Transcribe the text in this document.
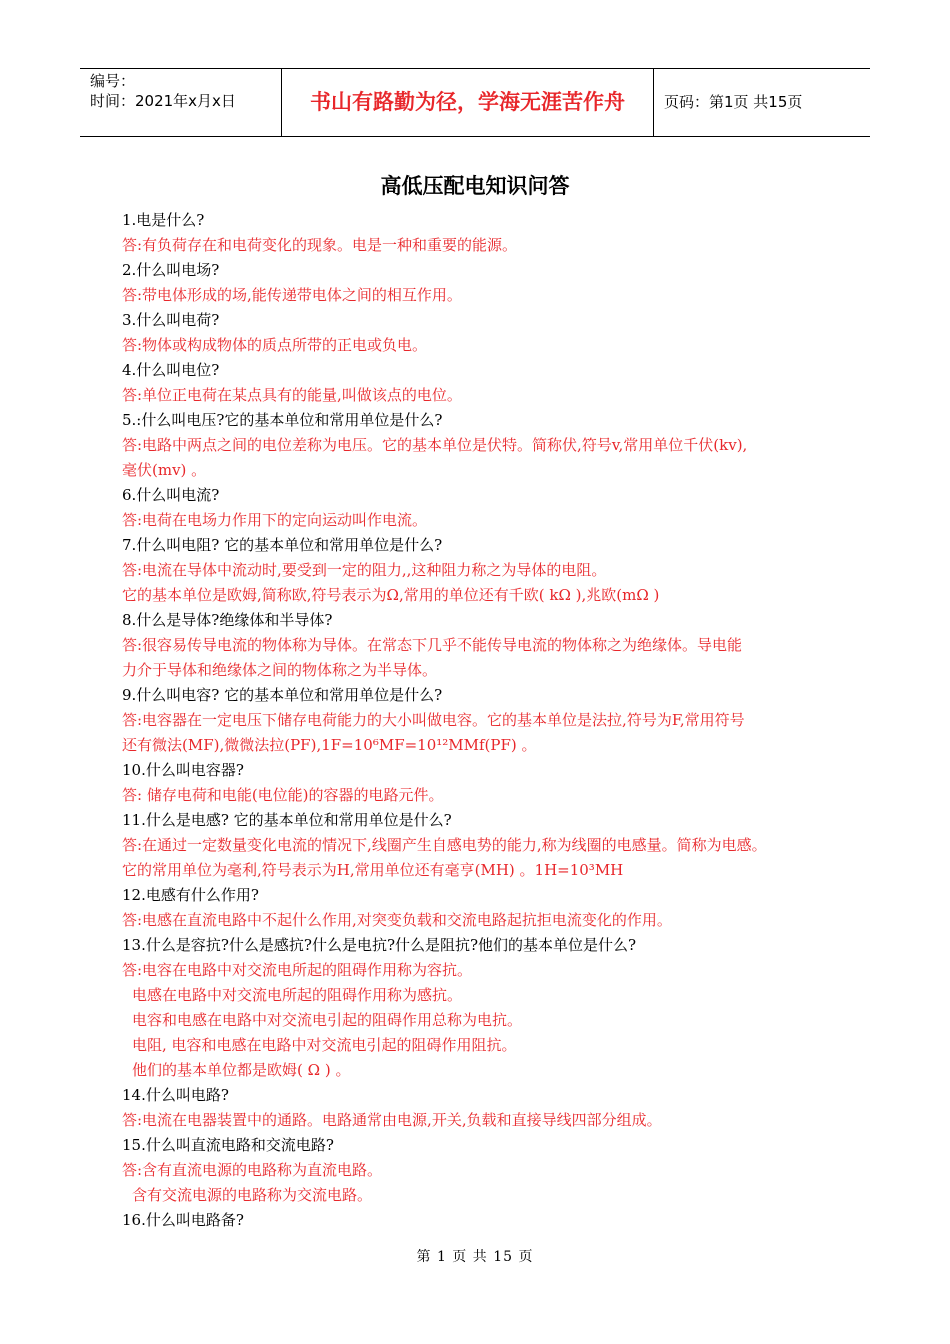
编号：
时间：2021年x月x日	书山有路勤为径，学海无涯苦作舟	页码：第1页 共15页
高低压配电知识问答
1.电是什么?
答:有负荷存在和电荷变化的现象。电是一种和重要的能源。
2.什么叫电场?
答:带电体形成的场,能传递带电体之间的相互作用。
3.什么叫电荷?
答:物体或构成物体的质点所带的正电或负电。
4.什么叫电位?
答:单位正电荷在某点具有的能量,叫做该点的电位。
5.:什么叫电压?它的基本单位和常用单位是什么?
答:电路中两点之间的电位差称为电压。它的基本单位是伏特。简称伏,符号v,常用单位千伏(kv),
毫伏(mv) 。
6.什么叫电流?
答:电荷在电场力作用下的定向运动叫作电流。
7.什么叫电阻? 它的基本单位和常用单位是什么?
答:电流在导体中流动时,要受到一定的阻力,,这种阻力称之为导体的电阻。
它的基本单位是欧姆,简称欧,符号表示为Ω,常用的单位还有千欧( kΩ ),兆欧(mΩ )
8.什么是导体?绝缘体和半导体?
答:很容易传导电流的物体称为导体。在常态下几乎不能传导电流的物体称之为绝缘体。导电能
力介于导体和绝缘体之间的物体称之为半导体。
9.什么叫电容? 它的基本单位和常用单位是什么?
答:电容器在一定电压下储存电荷能力的大小叫做电容。它的基本单位是法拉,符号为F,常用符号
还有微法(MF),微微法拉(PF),1F=10⁶MF=10¹²MMf(PF) 。
10.什么叫电容器?
答: 储存电荷和电能(电位能)的容器的电路元件。
11.什么是电感? 它的基本单位和常用单位是什么?
答:在通过一定数量变化电流的情况下,线圈产生自感电势的能力,称为线圈的电感量。简称为电感。
它的常用单位为毫利,符号表示为H,常用单位还有毫亨(MH) 。1H=10³MH
12.电感有什么作用?
答:电感在直流电路中不起什么作用,对突变负载和交流电路起抗拒电流变化的作用。
13.什么是容抗?什么是感抗?什么是电抗?什么是阻抗?他们的基本单位是什么?
答:电容在电路中对交流电所起的阻碍作用称为容抗。
电感在电路中对交流电所起的阻碍作用称为感抗。
电容和电感在电路中对交流电引起的阻碍作用总称为电抗。
电阻, 电容和电感在电路中对交流电引起的阻碍作用阻抗。
他们的基本单位都是欧姆( Ω ) 。
14.什么叫电路?
答:电流在电器装置中的通路。电路通常由电源,开关,负载和直接导线四部分组成。
15.什么叫直流电路和交流电路?
答:含有直流电源的电路称为直流电路。
含有交流电源的电路称为交流电路。
16.什么叫电路备?
第 1 页 共 15 页
